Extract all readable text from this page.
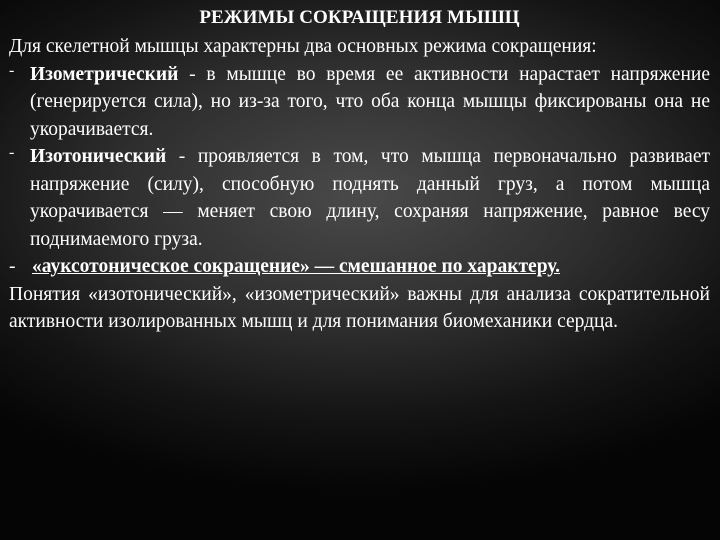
РЕЖИМЫ СОКРАЩЕНИЯ МЫШЦ

Для скелетной мышцы характерны два основных режима сокращения:

- Изометрический - в мышце во время ее активности нарастает напряжение (генерируется сила), но из-за того, что оба конца мышцы фиксированы она не укорачивается.
- Изотонический - проявляется в том, что мышца первоначально развивает напряжение (силу), способную поднять данный груз, а потом мышца укорачивается — меняет свою длину, сохраняя напряжение, равное весу поднимаемого груза.

- «ауксотоническое сокращение» — смешанное по характеру.

Понятия «изотонический», «изометрический» важны для анализа сократительной активности изолированных мышц и для понимания биомеханики сердца.
